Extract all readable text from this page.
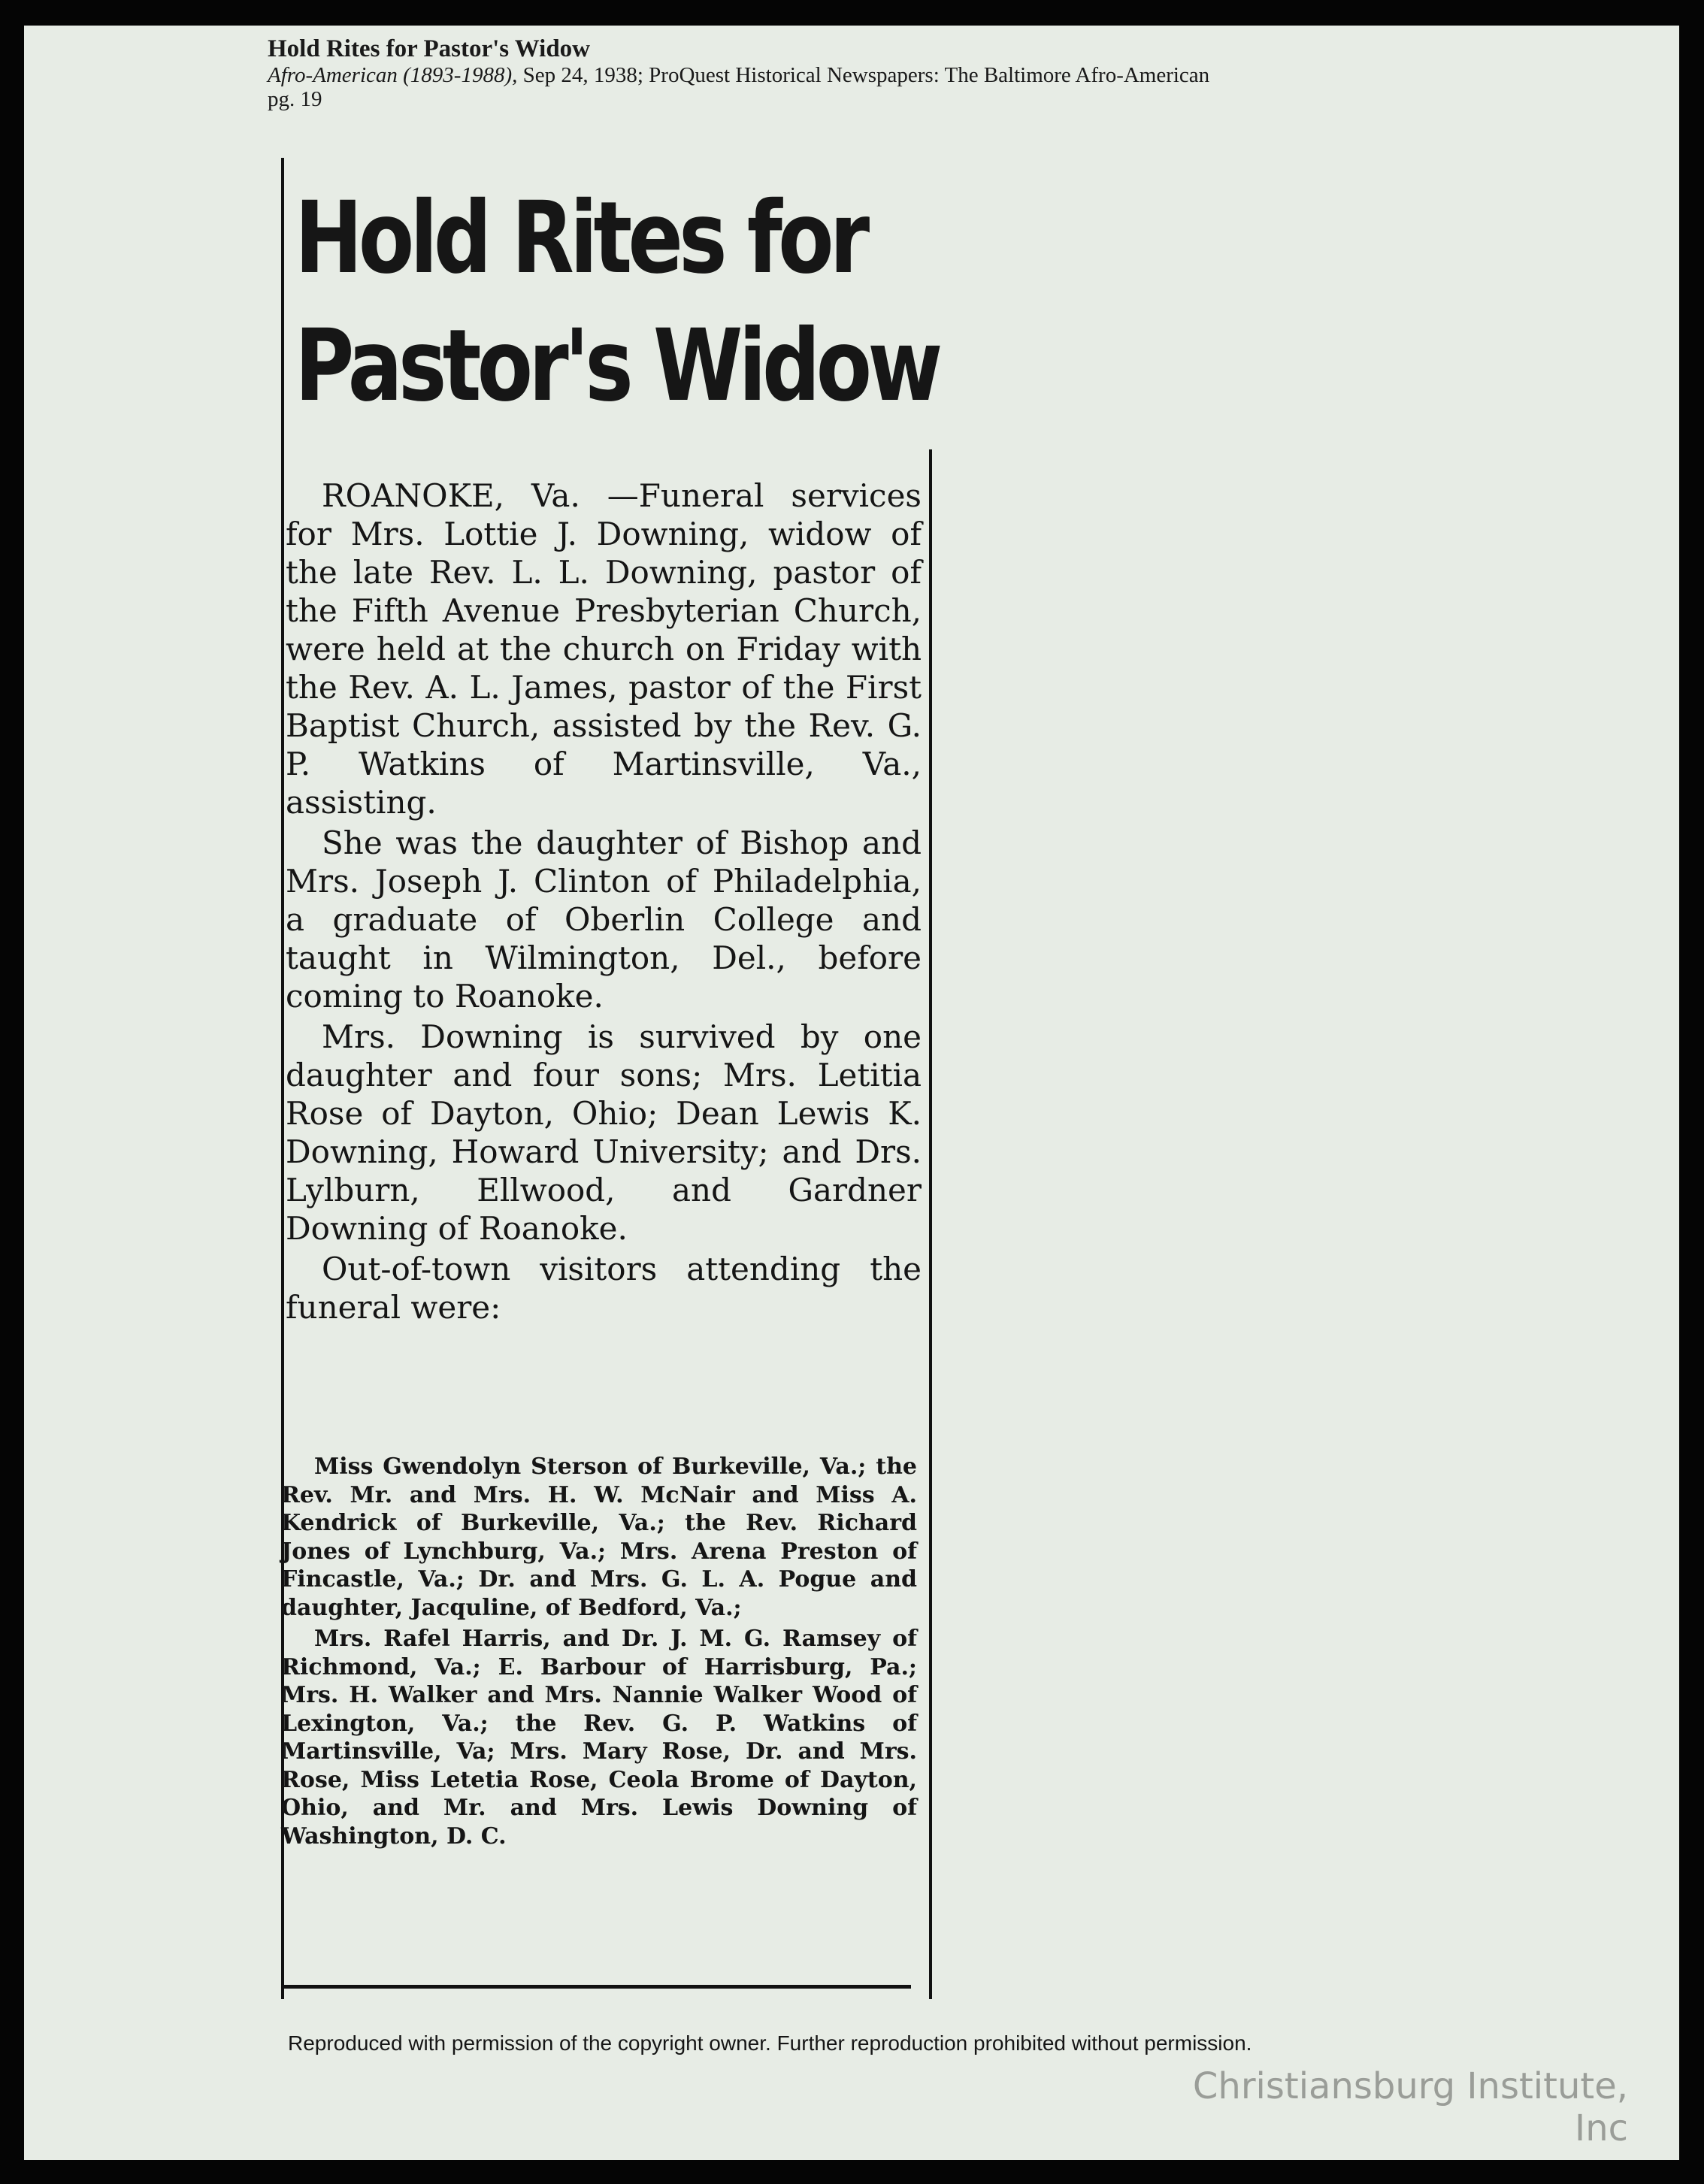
Hold Rites for Pastor's Widow
Afro-American (1893-1988), Sep 24, 1938; ProQuest Historical Newspapers: The Baltimore Afro-American
pg. 19
Hold Rites for
Pastor's Widow

ROANOKE, Va. —Funeral services for Mrs. Lottie J. Downing, widow of the late Rev. L. L. Downing, pastor of the Fifth Avenue Presbyterian Church, were held at the church on Friday with the Rev. A. L. James, pastor of the First Baptist Church, assisted by the Rev. G. P. Watkins of Martinsville, Va., assisting.

She was the daughter of Bishop and Mrs. Joseph J. Clinton of Philadelphia, a graduate of Oberlin College and taught in Wilmington, Del., before coming to Roanoke.

Mrs. Downing is survived by one daughter and four sons; Mrs. Letitia Rose of Dayton, Ohio; Dean Lewis K. Downing, Howard University; and Drs. Lylburn, Ellwood, and Gardner Downing of Roanoke.

Out-of-town visitors attending the funeral were:

Miss Gwendolyn Sterson of Burkeville, Va.; the Rev. Mr. and Mrs. H. W. McNair and Miss A. Kendrick of Burkeville, Va.; the Rev. Richard Jones of Lynchburg, Va.; Mrs. Arena Preston of Fincastle, Va.; Dr. and Mrs. G. L. A. Pogue and daughter, Jacquline, of Bedford, Va.;

Mrs. Rafel Harris, and Dr. J. M. G. Ramsey of Richmond, Va.; E. Barbour of Harrisburg, Pa.; Mrs. H. Walker and Mrs. Nannie Walker Wood of Lexington, Va.; the Rev. G. P. Watkins of Martinsville, Va; Mrs. Mary Rose, Dr. and Mrs. Rose, Miss Letetia Rose, Ceola Brome of Dayton, Ohio, and Mr. and Mrs. Lewis Downing of Washington, D. C.

Reproduced with permission of the copyright owner. Further reproduction prohibited without permission.
Christiansburg Institute, Inc
